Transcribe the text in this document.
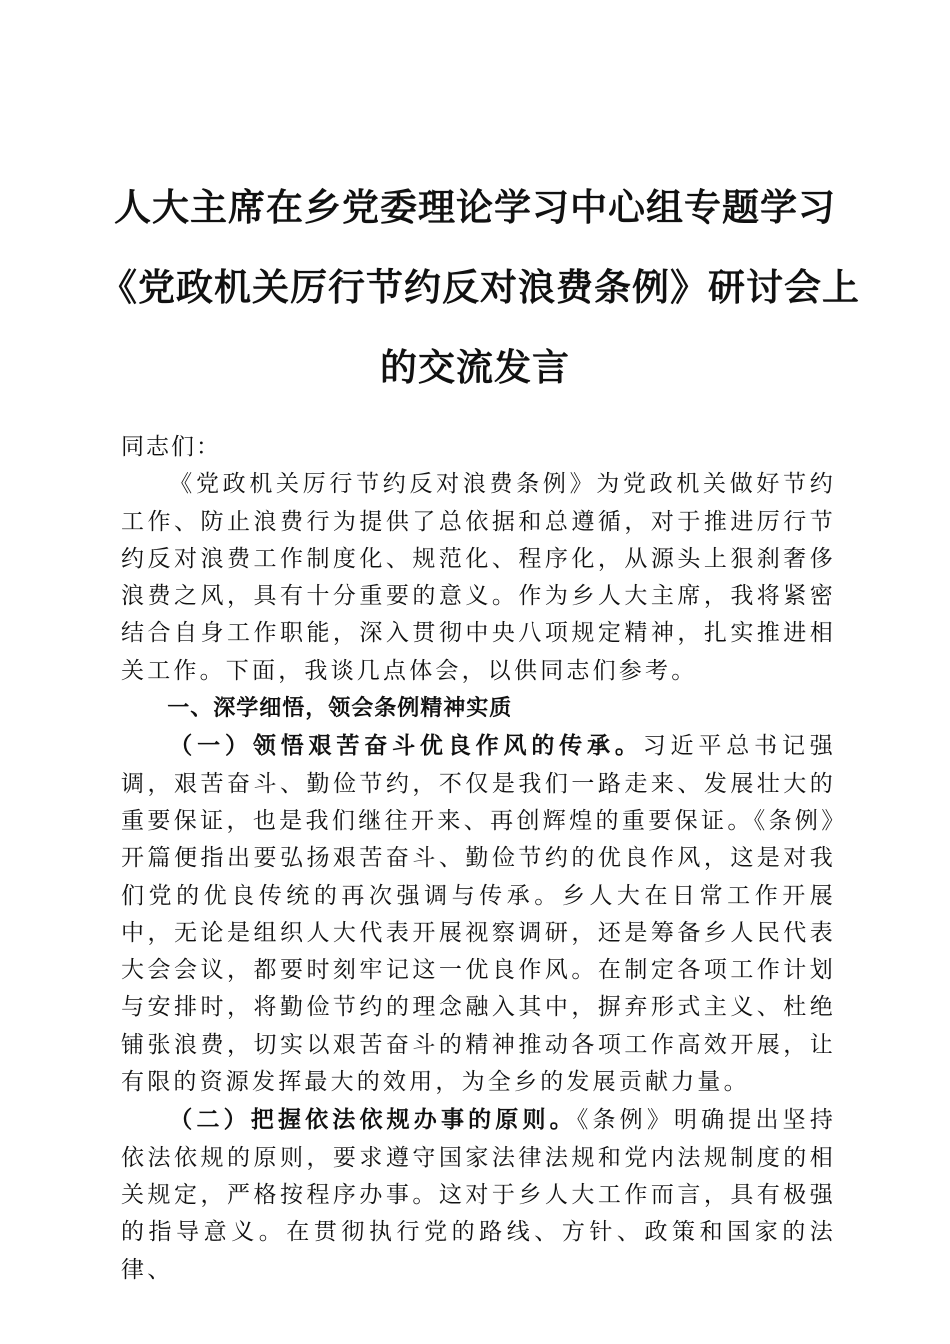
人大主席在乡党委理论学习中心组专题学习
《党政机关厉行节约反对浪费条例》研讨会上
的交流发言
同志们：
《党政机关厉行节约反对浪费条例》为党政机关做好节约工作、防止浪费行为提供了总依据和总遵循，对于推进厉行节约反对浪费工作制度化、规范化、程序化，从源头上狠刹奢侈浪费之风，具有十分重要的意义。作为乡人大主席，我将紧密结合自身工作职能，深入贯彻中央八项规定精神，扎实推进相关工作。下面，我谈几点体会，以供同志们参考。
一、深学细悟，领会条例精神实质
（一）领悟艰苦奋斗优良作风的传承。习近平总书记强调，艰苦奋斗、勤俭节约，不仅是我们一路走来、发展壮大的重要保证，也是我们继往开来、再创辉煌的重要保证。《条例》开篇便指出要弘扬艰苦奋斗、勤俭节约的优良作风，这是对我们党的优良传统的再次强调与传承。乡人大在日常工作开展中，无论是组织人大代表开展视察调研，还是筹备乡人民代表大会会议，都要时刻牢记这一优良作风。在制定各项工作计划与安排时，将勤俭节约的理念融入其中，摒弃形式主义、杜绝铺张浪费，切实以艰苦奋斗的精神推动各项工作高效开展，让有限的资源发挥最大的效用，为全乡的发展贡献力量。
（二）把握依法依规办事的原则。《条例》明确提出坚持依法依规的原则，要求遵守国家法律法规和党内法规制度的相关规定，严格按程序办事。这对于乡人大工作而言，具有极强的指导意义。在贯彻执行党的路线、方针、政策和国家的法律、
